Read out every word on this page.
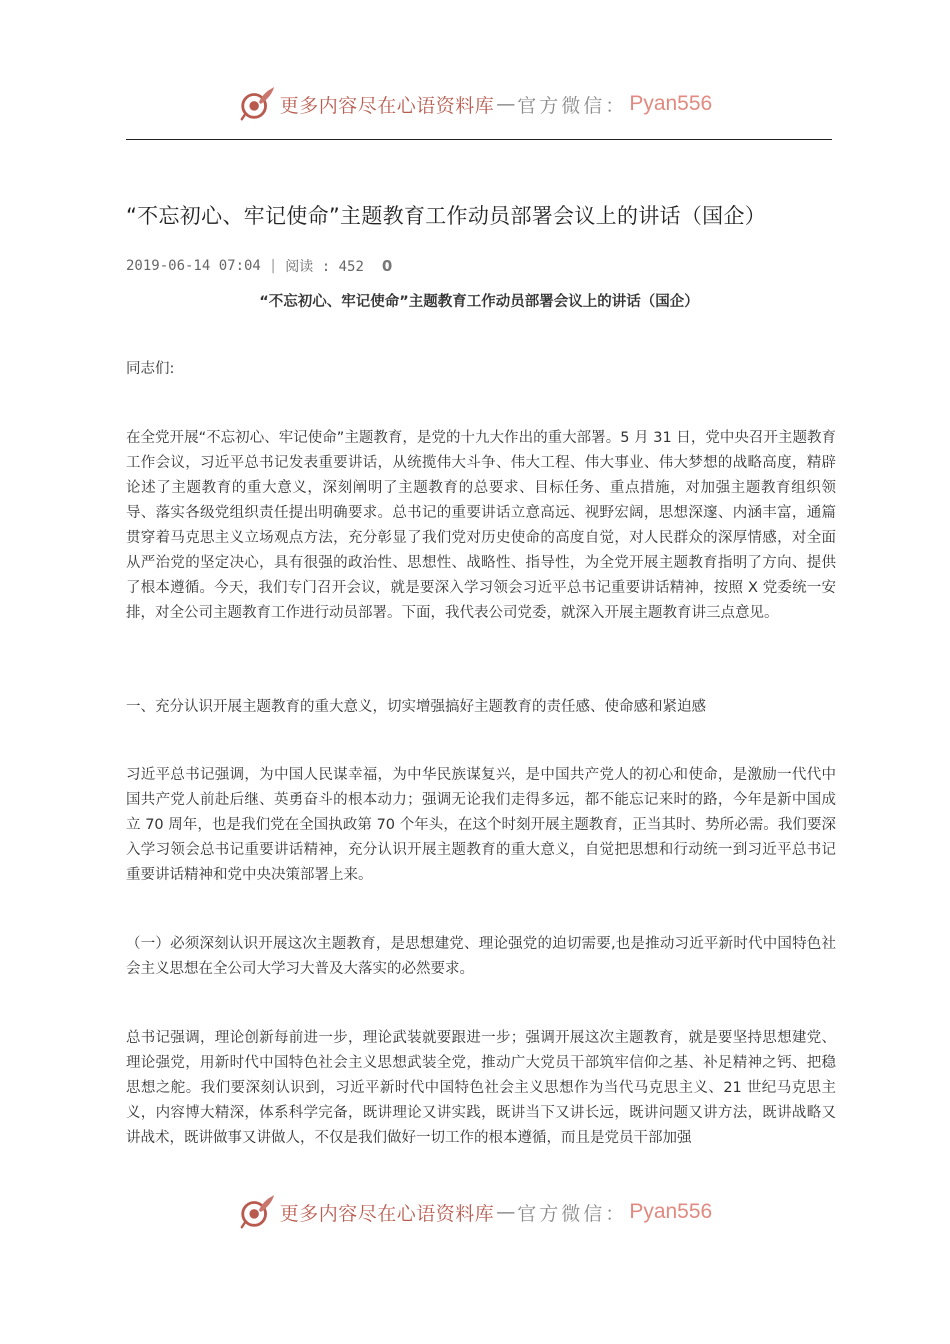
更多内容尽在心语资料库 — 官方微信： Pyan556
“不忘初心、牢记使命”主题教育工作动员部署会议上的讲话（国企）
2019-06-14 07:04 | 阅读 : 452 0

“不忘初心、牢记使命”主题教育工作动员部署会议上的讲话（国企）

同志们:

在全党开展“不忘初心、牢记使命”主题教育，是党的十九大作出的重大部署。5 月 31 日，党中央召开主题教育工作会议，习近平总书记发表重要讲话，从统揽伟大斗争、伟大工程、伟大事业、伟大梦想的战略高度，精辟论述了主题教育的重大意义，深刻阐明了主题教育的总要求、目标任务、重点措施，对加强主题教育组织领导、落实各级党组织责任提出明确要求。总书记的重要讲话立意高远、视野宏阔，思想深邃、内涵丰富，通篇贯穿着马克思主义立场观点方法，充分彰显了我们党对历史使命的高度自觉，对人民群众的深厚情感，对全面从严治党的坚定决心，具有很强的政治性、思想性、战略性、指导性，为全党开展主题教育指明了方向、提供了根本遵循。今天，我们专门召开会议，就是要深入学习领会习近平总书记重要讲话精神，按照 X 党委统一安排，对全公司主题教育工作进行动员部署。下面，我代表公司党委，就深入开展主题教育讲三点意见。

一、充分认识开展主题教育的重大意义，切实增强搞好主题教育的责任感、使命感和紧迫感

习近平总书记强调，为中国人民谋幸福，为中华民族谋复兴，是中国共产党人的初心和使命，是激励一代代中国共产党人前赴后继、英勇奋斗的根本动力；强调无论我们走得多远，都不能忘记来时的路，今年是新中国成立 70 周年，也是我们党在全国执政第 70 个年头，在这个时刻开展主题教育，正当其时、势所必需。我们要深入学习领会总书记重要讲话精神，充分认识开展主题教育的重大意义，自觉把思想和行动统一到习近平总书记重要讲话精神和党中央决策部署上来。

（一）必须深刻认识开展这次主题教育，是思想建党、理论强党的迫切需要,也是推动习近平新时代中国特色社会主义思想在全公司大学习大普及大落实的必然要求。

总书记强调，理论创新每前进一步，理论武装就要跟进一步；强调开展这次主题教育，就是要坚持思想建党、理论强党，用新时代中国特色社会主义思想武装全党，推动广大党员干部筑牢信仰之基、补足精神之钙、把稳思想之舵。我们要深刻认识到，习近平新时代中国特色社会主义思想作为当代马克思主义、21 世纪马克思主义，内容博大精深，体系科学完备，既讲理论又讲实践，既讲当下又讲长远，既讲问题又讲方法，既讲战略又讲战术，既讲做事又讲做人，不仅是我们做好一切工作的根本遵循，而且是党员干部加强

更多内容尽在心语资料库 — 官方微信： Pyan556
